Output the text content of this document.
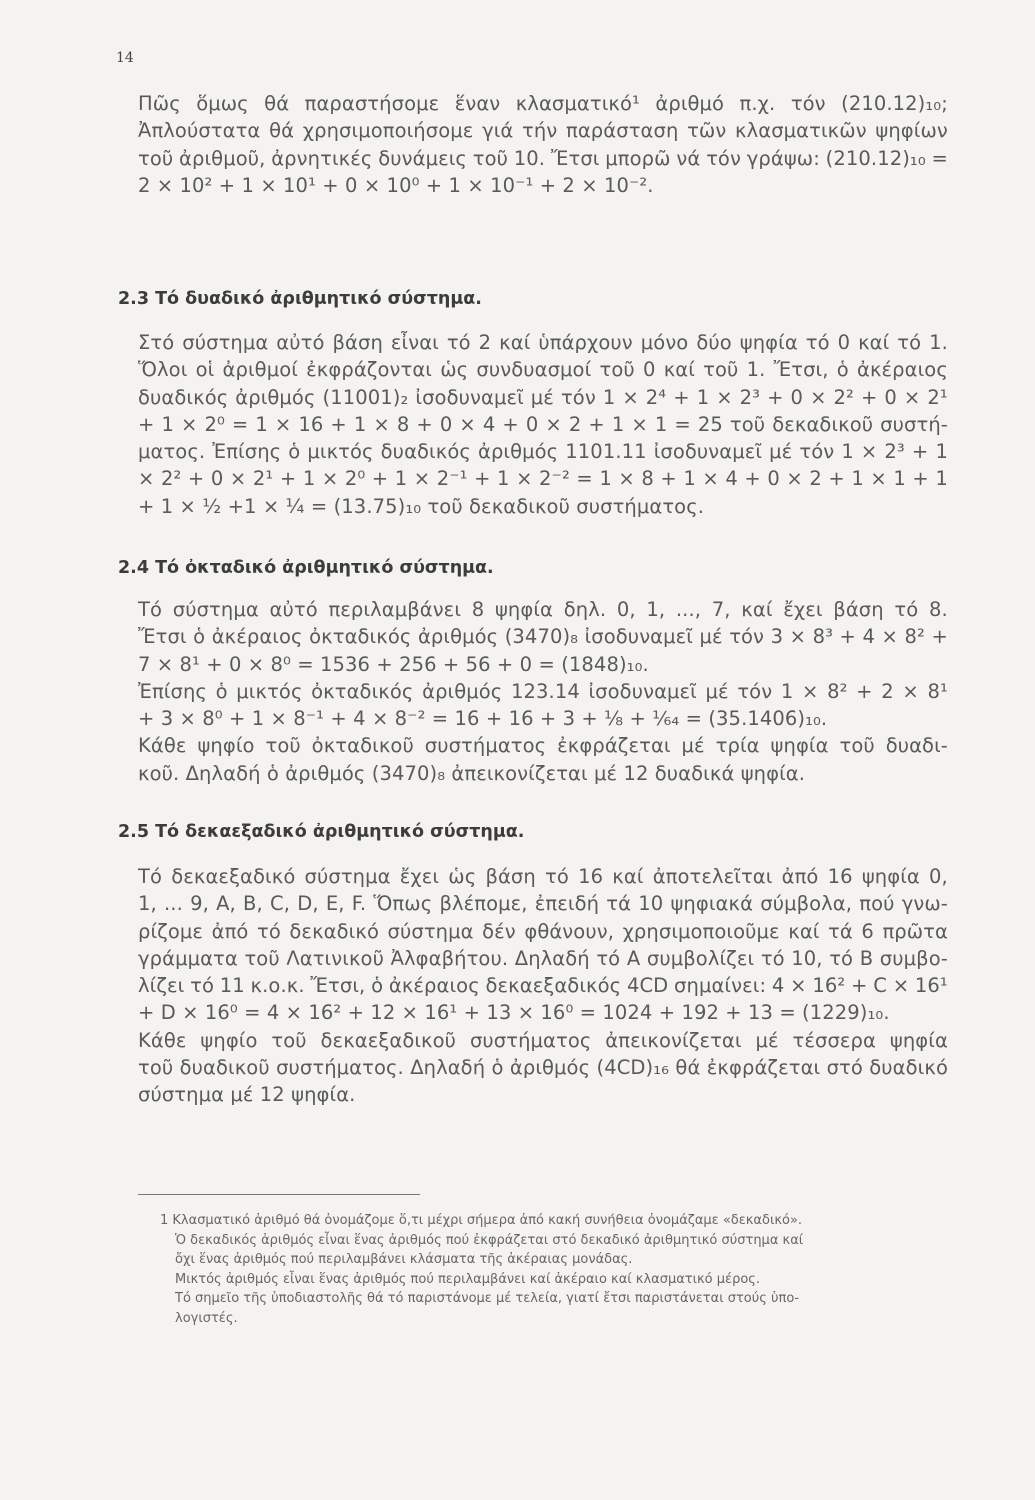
14
Πῶς ὅμως θά παραστήσομε ἕναν κλασματικό¹ ἀριθμό π.χ. τόν (210.12)₁₀;
Ἀπλούστατα θά χρησιμοποιήσομε γιά τήν παράσταση τῶν κλασματικῶν ψηφίων
τοῦ ἀριθμοῦ, ἀρνητικές δυνάμεις τοῦ 10. Ἔτσι μπορῶ νά τόν γράψω: (210.12)₁₀ =
2 × 10² + 1 × 10¹ + 0 × 10⁰ + 1 × 10⁻¹ + 2 × 10⁻².
2.3 Τό δυαδικό ἀριθμητικό σύστημα.
Στό σύστημα αὐτό βάση εἶναι τό 2 καί ὑπάρχουν μόνο δύο ψηφία τό 0 καί τό 1.
Ὅλοι οἱ ἀριθμοί ἐκφράζονται ὡς συνδυασμοί τοῦ 0 καί τοῦ 1. Ἔτσι, ὁ ἀκέραιος
δυαδικός ἀριθμός (11001)₂ ἰσοδυναμεῖ μέ τόν 1 × 2⁴ + 1 × 2³ + 0 × 2² + 0 × 2¹
+ 1 × 2⁰ = 1 × 16 + 1 × 8 + 0 × 4 + 0 × 2 + 1 × 1 = 25 τοῦ δεκαδικοῦ συστή-
ματος. Ἐπίσης ὁ μικτός δυαδικός ἀριθμός 1101.11 ἰσοδυναμεῖ μέ τόν 1 × 2³ + 1
× 2² + 0 × 2¹ + 1 × 2⁰ + 1 × 2⁻¹ + 1 × 2⁻² = 1 × 8 + 1 × 4 + 0 × 2 + 1 × 1 + 1
+ 1 × ½ +1 × ¼ = (13.75)₁₀ τοῦ δεκαδικοῦ συστήματος.
2.4 Τό ὀκταδικό ἀριθμητικό σύστημα.
Τό σύστημα αὐτό περιλαμβάνει 8 ψηφία δηλ. 0, 1, ..., 7, καί ἔχει βάση τό 8.
Ἔτσι ὁ ἀκέραιος ὀκταδικός ἀριθμός (3470)₈ ἰσοδυναμεῖ μέ τόν 3 × 8³ + 4 × 8² +
7 × 8¹ + 0 × 8⁰ = 1536 + 256 + 56 + 0 = (1848)₁₀.
Ἐπίσης ὁ μικτός ὀκταδικός ἀριθμός 123.14 ἰσοδυναμεῖ μέ τόν 1 × 8² + 2 × 8¹
+ 3 × 8⁰ + 1 × 8⁻¹ + 4 × 8⁻² = 16 + 16 + 3 + ⅛ + ¹⁄₆₄ = (35.1406)₁₀.
Κάθε ψηφίο τοῦ ὀκταδικοῦ συστήματος ἐκφράζεται μέ τρία ψηφία τοῦ δυαδι-
κοῦ. Δηλαδή ὁ ἀριθμός (3470)₈ ἀπεικονίζεται μέ 12 δυαδικά ψηφία.
2.5 Τό δεκαεξαδικό ἀριθμητικό σύστημα.
Τό δεκαεξαδικό σύστημα ἔχει ὡς βάση τό 16 καί ἀποτελεῖται ἀπό 16 ψηφία 0,
1, ... 9, A, B, C, D, E, F. Ὅπως βλέπομε, ἐπειδή τά 10 ψηφιακά σύμβολα, πού γνω-
ρίζομε ἀπό τό δεκαδικό σύστημα δέν φθάνουν, χρησιμοποιοῦμε καί τά 6 πρῶτα
γράμματα τοῦ Λατινικοῦ Ἀλφαβήτου. Δηλαδή τό A συμβολίζει τό 10, τό B συμβο-
λίζει τό 11 κ.ο.κ. Ἔτσι, ὁ ἀκέραιος δεκαεξαδικός 4CD σημαίνει: 4 × 16² + C × 16¹
+ D × 16⁰ = 4 × 16² + 12 × 16¹ + 13 × 16⁰ = 1024 + 192 + 13 = (1229)₁₀.
Κάθε ψηφίο τοῦ δεκαεξαδικοῦ συστήματος ἀπεικονίζεται μέ τέσσερα ψηφία
τοῦ δυαδικοῦ συστήματος. Δηλαδή ὁ ἀριθμός (4CD)₁₆ θά ἐκφράζεται στό δυαδικό
σύστημα μέ 12 ψηφία.
1 Κλασματικό ἀριθμό θά ὀνομάζομε ὅ,τι μέχρι σήμερα ἀπό κακή συνήθεια ὀνομάζαμε «δεκαδικό».
Ὁ δεκαδικός ἀριθμός εἶναι ἕνας ἀριθμός πού ἐκφράζεται στό δεκαδικό ἀριθμητικό σύστημα καί
ὄχι ἕνας ἀριθμός πού περιλαμβάνει κλάσματα τῆς ἀκέραιας μονάδας.
Μικτός ἀριθμός εἶναι ἕνας ἀριθμός πού περιλαμβάνει καί ἀκέραιο καί κλασματικό μέρος.
Τό σημεῖο τῆς ὑποδιαστολῆς θά τό παριστάνομε μέ τελεία, γιατί ἔτσι παριστάνεται στούς ὑπο-
λογιστές.
